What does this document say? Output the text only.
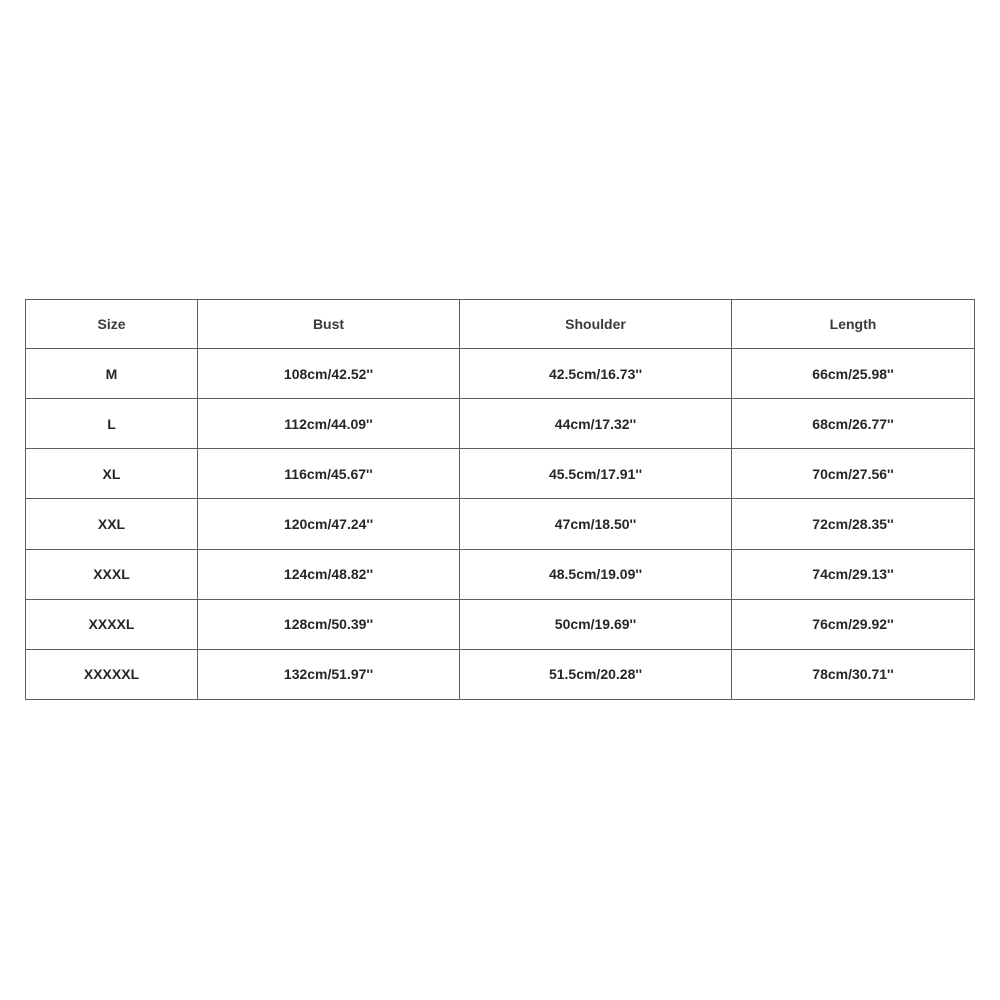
Size	Bust	Shoulder	Length
M	108cm/42.52''	42.5cm/16.73''	66cm/25.98''
L	112cm/44.09''	44cm/17.32''	68cm/26.77''
XL	116cm/45.67''	45.5cm/17.91''	70cm/27.56''
XXL	120cm/47.24''	47cm/18.50''	72cm/28.35''
XXXL	124cm/48.82''	48.5cm/19.09''	74cm/29.13''
XXXXL	128cm/50.39''	50cm/19.69''	76cm/29.92''
XXXXXL	132cm/51.97''	51.5cm/20.28''	78cm/30.71''
